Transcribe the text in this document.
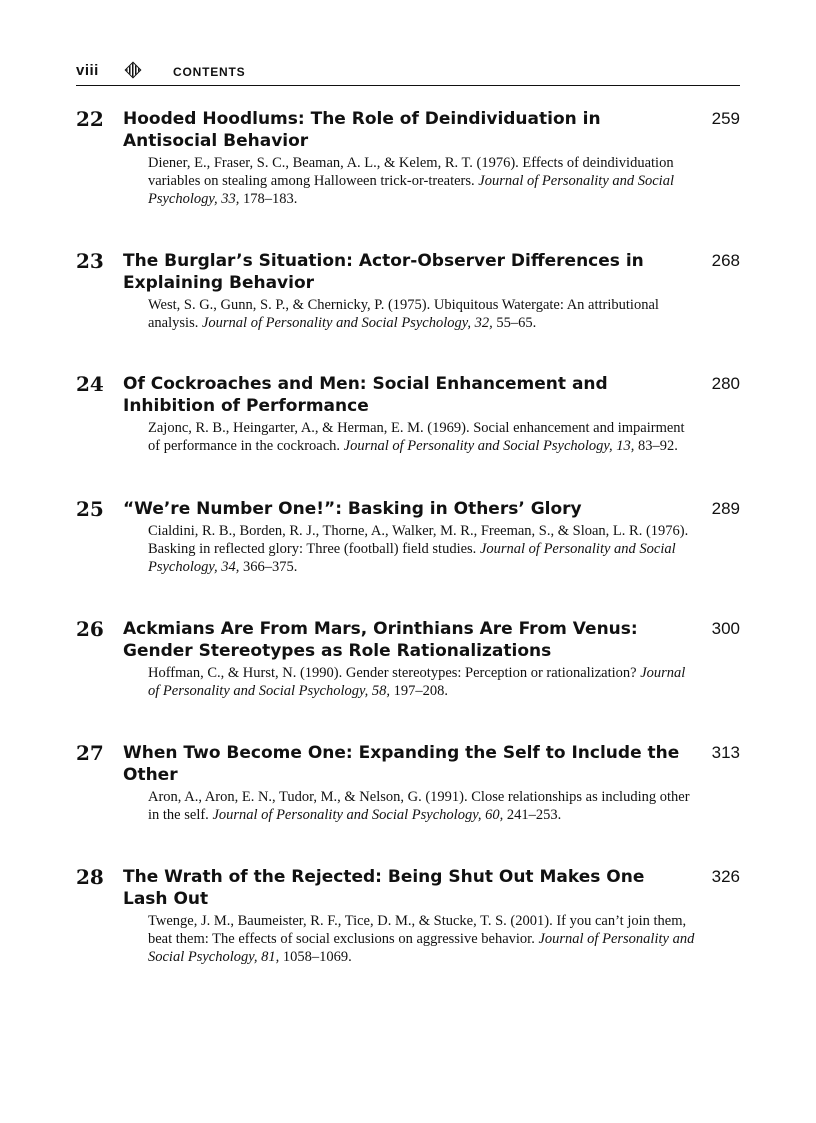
viii	CONTENTS
22 Hooded Hoodlums: The Role of Deindividuation in Antisocial Behavior
259
Diener, E., Fraser, S. C., Beaman, A. L., & Kelem, R. T. (1976). Effects of deindividuation variables on stealing among Halloween trick-or-treaters. Journal of Personality and Social Psychology, 33, 178–183.
23 The Burglar’s Situation: Actor-Observer Differences in Explaining Behavior
268
West, S. G., Gunn, S. P., & Chernicky, P. (1975). Ubiquitous Watergate: An attributional analysis. Journal of Personality and Social Psychology, 32, 55–65.
24 Of Cockroaches and Men: Social Enhancement and Inhibition of Performance
280
Zajonc, R. B., Heingarter, A., & Herman, E. M. (1969). Social enhancement and impairment of performance in the cockroach. Journal of Personality and Social Psychology, 13, 83–92.
25 “We’re Number One!”: Basking in Others’ Glory	289
Cialdini, R. B., Borden, R. J., Thorne, A., Walker, M. R., Freeman, S., & Sloan, L. R. (1976). Basking in reflected glory: Three (football) field studies. Journal of Personality and Social Psychology, 34, 366–375.
26 Ackmians Are From Mars, Orinthians Are From Venus: Gender Stereotypes as Role Rationalizations
300
Hoffman, C., & Hurst, N. (1990). Gender stereotypes: Perception or rationalization? Journal of Personality and Social Psychology, 58, 197–208.
27 When Two Become One: Expanding the Self to Include the Other
313
Aron, A., Aron, E. N., Tudor, M., & Nelson, G. (1991). Close relationships as including other in the self. Journal of Personality and Social Psychology, 60, 241–253.
28 The Wrath of the Rejected: Being Shut Out Makes One Lash Out
326
Twenge, J. M., Baumeister, R. F., Tice, D. M., & Stucke, T. S. (2001). If you can’t join them, beat them: The effects of social exclusions on aggressive behavior. Journal of Personality and Social Psychology, 81, 1058–1069.
